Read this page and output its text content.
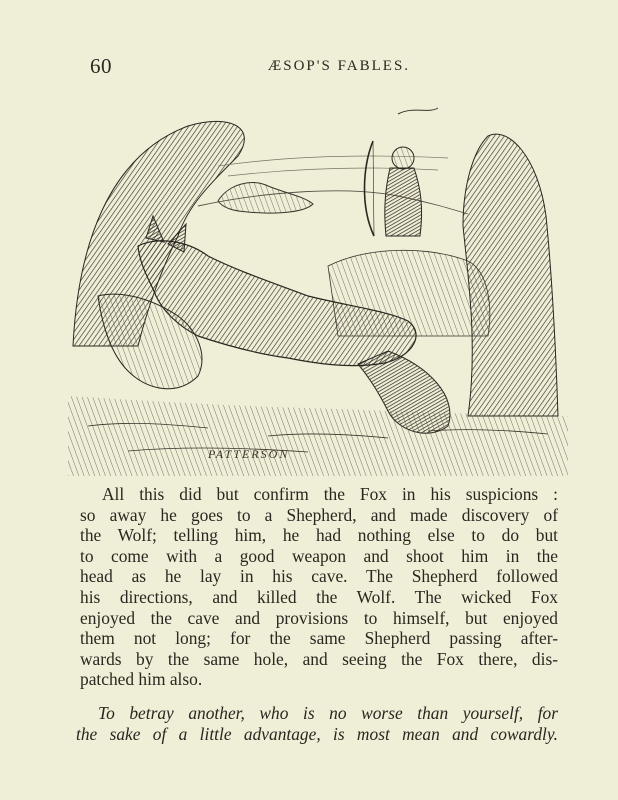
60	ÆSOP'S FABLES.
PATTERSON
All this did but confirm the Fox in his suspicions :
so away he goes to a Shepherd, and made discovery of
the Wolf; telling him, he had nothing else to do but
to come with a good weapon and shoot him in the
head as he lay in his cave. The Shepherd followed
his directions, and killed the Wolf. The wicked Fox
enjoyed the cave and provisions to himself, but enjoyed
them not long; for the same Shepherd passing after-
wards by the same hole, and seeing the Fox there, dis-
patched him also.
To betray another, who is no worse than yourself, for
the sake of a little advantage, is most mean and cowardly.
